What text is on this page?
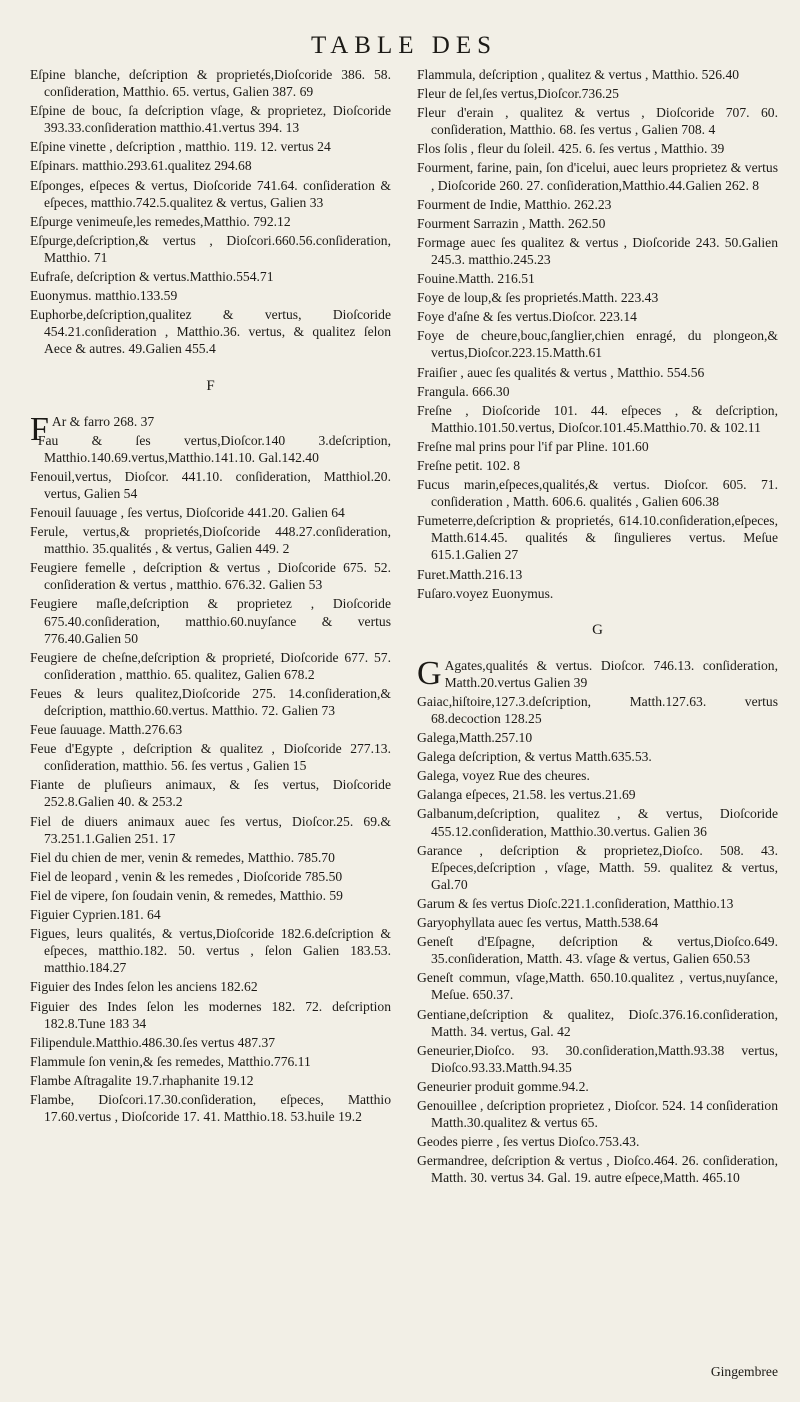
TABLE DES

Eſpine blanche, deſcription & proprietés,Dioſcoride 386. 58. conſideration, Matthio. 65. vertus, Galien 387. 69

Eſpine de bouc, ſa deſcription vſage, & proprietez, Dioſcoride 393.33.conſideration matthio.41.vertus 394. 13

Eſpine vinette , deſcription , matthio. 119. 12. vertus 24

Eſpinars. matthio.293.61.qualitez 294.68

Eſponges, eſpeces & vertus, Dioſcoride 741.64. conſideration & eſpeces, matthio.742.5.qualitez & vertus, Galien 33

Eſpurge venimeuſe,les remedes,Matthio. 792.12

Eſpurge,deſcription,& vertus , Dioſcori.660.56.conſideration, Matthio. 71

Eufraſe, deſcription & vertus.Matthio.554.71

Euonymus. matthio.133.59

Euphorbe,deſcription,qualitez & vertus, Dioſcoride 454.21.conſideration , Matthio.36. vertus, & qualitez ſelon Aece & autres. 49.Galien 455.4

F

FAr & farro 268. 37

Fau & ſes vertus,Dioſcor.140 3.deſcription, Matthio.140.69.vertus,Matthio.141.10. Gal.142.40

Fenouil,vertus, Dioſcor. 441.10. conſideration, Matthiol.20. vertus, Galien 54

Fenouil ſauuage , ſes vertus, Dioſcoride 441.20. Galien 64

Ferule, vertus,& proprietés,Dioſcoride 448.27.conſideration, matthio. 35.qualités , & vertus, Galien 449. 2

Feugiere femelle , deſcription & vertus , Dioſcoride 675. 52. conſideration & vertus , matthio. 676.32. Galien 53

Feugiere maſle,deſcription & proprietez , Dioſcoride 675.40.conſideration, matthio.60.nuyſance & vertus 776.40.Galien 50

Feugiere de cheſne,deſcription & proprieté, Dioſcoride 677. 57. conſideration , matthio. 65. qualitez, Galien 678.2

Feues & leurs qualitez,Dioſcoride 275. 14.conſideration,& deſcription, matthio.60.vertus. Matthio. 72. Galien 73

Feue ſauuage. Matth.276.63

Feue d'Egypte , deſcription & qualitez , Dioſcoride 277.13. conſideration, matthio. 56. ſes vertus , Galien 15

Fiante de pluſieurs animaux, & ſes vertus, Dioſcoride 252.8.Galien 40. & 253.2

Fiel de diuers animaux auec ſes vertus, Dioſcor.25. 69.& 73.251.1.Galien 251. 17

Fiel du chien de mer, venin & remedes, Matthio. 785.70

Fiel de leopard , venin & les remedes , Dioſcoride 785.50

Fiel de vipere, ſon ſoudain venin, & remedes, Matthio. 59

Figuier Cyprien.181. 64

Figues, leurs qualités, & vertus,Dioſcoride 182.6.deſcription & eſpeces, matthio.182. 50. vertus , ſelon Galien 183.53. matthio.184.27

Figuier des Indes ſelon les anciens 182.62

Figuier des Indes ſelon les modernes 182. 72. deſcription 182.8.Tune 183 34

Filipendule.Matthio.486.30.ſes vertus 487.37

Flammule ſon venin,& ſes remedes, Matthio.776.11

Flambe Aſtragalite 19.7.rhaphanite 19.12

Flambe, Dioſcori.17.30.conſideration, eſpeces, Matthio 17.60.vertus , Dioſcoride 17. 41. Matthio.18. 53.huile 19.2

Flammula, deſcription , qualitez & vertus , Matthio. 526.40

Fleur de ſel,ſes vertus,Dioſcor.736.25

Fleur d'erain , qualitez & vertus , Dioſcoride 707. 60. conſideration, Matthio. 68. ſes vertus , Galien 708. 4

Flos ſolis , fleur du ſoleil. 425. 6. ſes vertus , Matthio. 39

Fourment, farine, pain, ſon d'icelui, auec leurs proprietez & vertus , Dioſcoride 260. 27. conſideration,Matthio.44.Galien 262. 8

Fourment de Indie, Matthio. 262.23

Fourment Sarrazin , Matth. 262.50

Formage auec ſes qualitez & vertus , Dioſcoride 243. 50.Galien 245.3. matthio.245.23

Fouine.Matth. 216.51

Foye de loup,& ſes proprietés.Matth. 223.43

Foye d'aſne & ſes vertus.Dioſcor. 223.14

Foye de cheure,bouc,ſanglier,chien enragé, du plongeon,& vertus,Dioſcor.223.15.Matth.61

Fraiſier , auec ſes qualités & vertus , Matthio. 554.56

Frangula. 666.30

Freſne , Dioſcoride 101. 44. eſpeces , & deſcription, Matthio.101.50.vertus, Dioſcor.101.45.Matthio.70. & 102.11

Freſne mal prins pour l'if par Pline. 101.60

Freſne petit. 102. 8

Fucus marin,eſpeces,qualités,& vertus. Dioſcor. 605. 71. conſideration , Matth. 606.6. qualités , Galien 606.38

Fumeterre,deſcription & proprietés, 614.10.conſideration,eſpeces, Matth.614.45. qualités & ſingulieres vertus. Meſue 615.1.Galien 27

Furet.Matth.216.13

Fuſaro.voyez Euonymus.

G

GAgates,qualités & vertus. Dioſcor. 746.13. conſideration, Matth.20.vertus Galien 39

Gaiac,hiſtoire,127.3.deſcription, Matth.127.63. vertus 68.decoction 128.25

Galega,Matth.257.10

Galega deſcription, & vertus Matth.635.53.

Galega, voyez Rue des cheures.

Galanga eſpeces, 21.58. les vertus.21.69

Galbanum,deſcription, qualitez , & vertus, Dioſcoride 455.12.conſideration, Matthio.30.vertus. Galien 36

Garance , deſcription & proprietez,Dioſco. 508. 43. Eſpeces,deſcription , vſage, Matth. 59. qualitez & vertus, Gal.70

Garum & ſes vertus Dioſc.221.1.conſideration, Matthio.13

Garyophyllata auec ſes vertus, Matth.538.64

Geneſt d'Eſpagne, deſcription & vertus,Dioſco.649. 35.conſideration, Matth. 43. vſage & vertus, Galien 650.53

Geneſt commun, vſage,Matth. 650.10.qualitez , vertus,nuyſance, Meſue. 650.37.

Gentiane,deſcription & qualitez, Dioſc.376.16.conſideration, Matth. 34. vertus, Gal. 42

Geneurier,Dioſco. 93. 30.conſideration,Matth.93.38 vertus, Dioſco.93.33.Matth.94.35

Geneurier produit gomme.94.2.

Genouillee , deſcription proprietez , Dioſcor. 524. 14 conſideration Matth.30.qualitez & vertus 65.

Geodes pierre , ſes vertus Dioſco.753.43.

Germandree, deſcription & vertus , Dioſco.464. 26. conſideration, Matth. 30. vertus 34. Gal. 19. autre eſpece,Matth. 465.10

Gingembree
